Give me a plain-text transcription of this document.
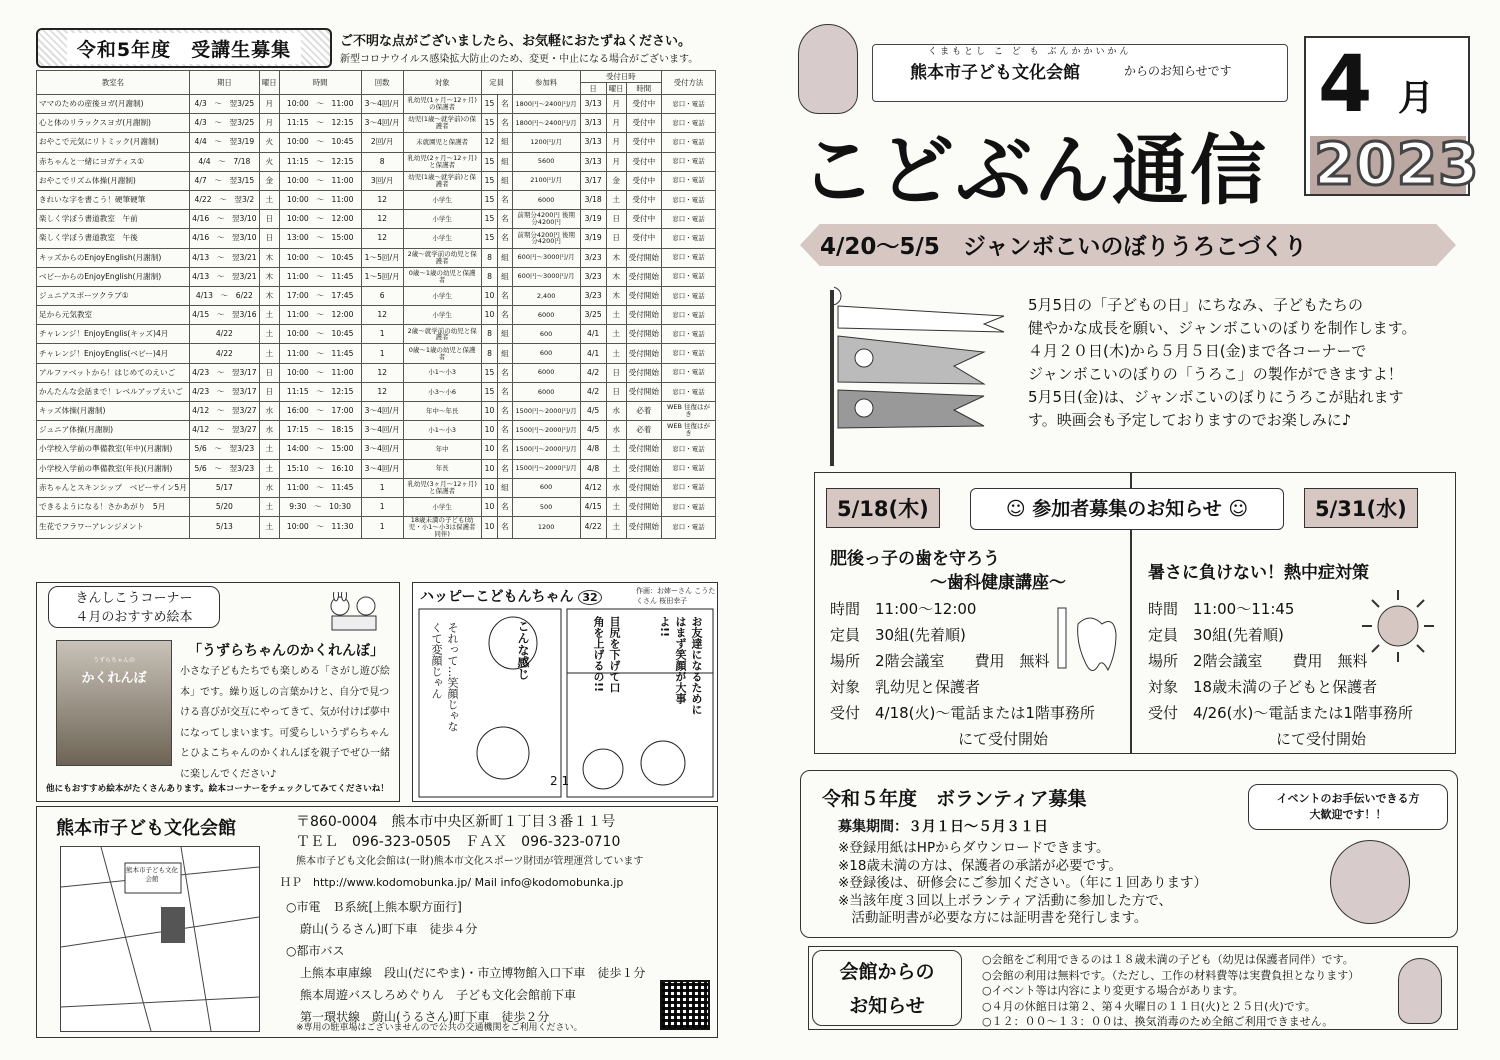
令和5年度　受講生募集	ご不明な点がございましたら、お気軽におたずねください。
新型コロナウイルス感染拡大防止のため、変更・中止になる場合がございます。
教室名	期日	曜日	時間	回数	対象	定員		参加料	受付日時			受付方法
									日	曜日	時間	
ママのための産後ヨガ(月謝制)	4/3　～　翌3/25	月	10:00　～　11:00	3～4回/月	乳幼児(1ヶ月～12ヶ月)の保護者	15	名	1800円～2400円/月	3/13	月	受付中	窓口・電話
心と体のリラックスヨガ(月謝制)	4/3　～　翌3/25	月	11:15　～　12:15	3～4回/月	幼児(1歳～就学前)の保護者	15	名	1800円～2400円/月	3/13	月	受付中	窓口・電話
おやこで元気にリトミック(月謝制)	4/4　～　翌3/19	火	10:00　～　10:45	2回/月	未就園児と保護者	12	組	1200円/月	3/13	月	受付中	窓口・電話
赤ちゃんと一緒にヨガティス①	4/4　～　7/18	火	11:15　～　12:15	8	乳幼児(2ヶ月～12ヶ月)と保護者	15	組	5600	3/13	月	受付中	窓口・電話
おやこでリズム体操(月謝制)	4/7　～　翌3/15	金	10:00　～　11:00	3回/月	幼児(1歳～就学前)と保護者	15	組	2100円/月	3/17	金	受付中	窓口・電話
きれいな字を書こう！硬筆硬筆	4/22　～　翌3/2	土	10:00　～　11:00	12	小学生	15	名	6000	3/18	土	受付中	窓口・電話
楽しく学ぼう書道教室　午前	4/16　～　翌3/10	日	10:00　～　12:00	12	小学生	15	名	前期分4200円 後期分4200円	3/19	日	受付中	窓口・電話
楽しく学ぼう書道教室　午後	4/16　～　翌3/10	日	13:00　～　15:00	12	小学生	15	名	前期分4200円 後期分4200円	3/19	日	受付中	窓口・電話
キッズからのEnjoyEnglish(月謝制)	4/13　～　翌3/21	木	10:00　～　10:45	1～5回/月	2歳～就学前の幼児と保護者	8	組	600円～3000円/月	3/23	木	受付開始	窓口・電話
ベビーからのEnjoyEnglish(月謝制)	4/13　～　翌3/21	木	11:00　～　11:45	1～5回/月	0歳～1歳の幼児と保護者	8	組	600円～3000円/月	3/23	木	受付開始	窓口・電話
ジュニアスポーツクラブ①	4/13　～　6/22	木	17:00　～　17:45	6	小学生	10	名	2,400	3/23	木	受付開始	窓口・電話
足から元気教室	4/15　～　翌3/16	土	11:00　～　12:00	12	小学生	10	名	6000	3/25	土	受付開始	窓口・電話
チャレンジ！EnjoyEnglis(キッズ)4月	4/22	土	10:00　～　10:45	1	2歳～就学前の幼児と保護者	8	組	600	4/1	土	受付開始	窓口・電話
チャレンジ！EnjoyEnglis(ベビー)4月	4/22	土	11:00　～　11:45	1	0歳～1歳の幼児と保護者	8	組	600	4/1	土	受付開始	窓口・電話
アルファベットから！はじめてのえいご	4/23　～　翌3/17	日	10:00　～　11:00	12	小1～小3	15	名	6000	4/2	日	受付開始	窓口・電話
かんたんな会話まで！レベルアップえいご	4/23　～　翌3/17	日	11:15　～　12:15	12	小3～小6	15	名	6000	4/2	日	受付開始	窓口・電話
キッズ体操(月謝制)	4/12　～　翌3/27	水	16:00　～　17:00	3～4回/月	年中～年長	10	名	1500円～2000円/月	4/5	水	必着	WEB 往復はがき
ジュニア体操(月謝制)	4/12　～　翌3/27	水	17:15　～　18:15	3～4回/月	小1～小3	10	名	1500円～2000円/月	4/5	水	必着	WEB 往復はがき
小学校入学前の準備教室(年中)(月謝制)	5/6　～　翌3/23	土	14:00　～　15:00	3～4回/月	年中	10	名	1500円～2000円/月	4/8	土	受付開始	窓口・電話
小学校入学前の準備教室(年長)(月謝制)	5/6　～　翌3/23	土	15:10　～　16:10	3～4回/月	年長	10	名	1500円～2000円/月	4/8	土	受付開始	窓口・電話
赤ちゃんとスキンシップ　ベビーサイン5月	5/17	水	11:00　～　11:45	1	乳幼児(3ヶ月～12ヶ月)と保護者	10	組	600	4/12	水	受付開始	窓口・電話
できるようになる！さかあがり　5月	5/20	土	9:30　～　10:30	1	小学生	10	名	500	4/15	土	受付開始	窓口・電話
生花でフラワーアレンジメント	5/13	土	10:00　～　11:30	1	18歳未満の子ども(幼児・小1～小3は保護者同伴)	10	名	1200	4/22	土	受付開始	窓口・電話
きんしこうコーナー
４月のおすすめ絵本
うずらちゃんの
かくれんぼ
「うずらちゃんのかくれんぼ」
小さな子どもたちでも楽しめる「さがし遊び絵本」です。繰り返しの言葉かけと、自分で見つける喜びが交互にやってきて、気が付けば夢中になってしまいます。可愛らしいうずらちゃんとひよこちゃんのかくれんぼを親子でぜひ一緒に楽しんでください♪
他にもおすすめ絵本がたくさんあります。絵本コーナーをチェックしてみてくださいね！
ハッピーこどもんちゃん 32	作画：お姉ーさん こうたくさん 桜田幸子
こんな感じ	お友達になるためにはまず笑顔が大事よ!!
目尻を下げて口角を上げるの!!
それって…笑顔じゃなくて変顔じゃん
2 1
熊本市子ども文化会館
熊本市子ども文化会館
〒860-0004　熊本市中央区新町１丁目３番１１号
ＴＥＬ　096-323-0505　ＦＡＸ　096-323-0710
熊本市子ども文化会館は(一財)熊本市文化スポーツ財団が管理運営しています
ＨＰ　http://www.kodomobunka.jp/ Mail info@kodomobunka.jp
○市電　Ｂ系統[上熊本駅方面行]
蔚山(うるさん)町下車　徒歩４分
○都市バス
上熊本車庫線　段山(だにやま)・市立博物館入口下車　徒歩１分
熊本周遊バスしろめぐりん　子ども文化会館前下車
第一環状線　蔚山(うるさん)町下車　徒歩２分
※専用の駐車場はございませんので公共の交通機関をご利用ください。
くまもとし こ ど も ぶんかかいかん
熊本市子ども文化会館	からのお知らせです
こどぶん通信
4 月
2023
4/20～5/5　ジャンボこいのぼりうろこづくり
5月5日の「子どもの日」にちなみ、子どもたちの
健やかな成長を願い、ジャンボこいのぼりを制作します。
４月２０日(木)から５月５日(金)まで各コーナーで
ジャンボこいのぼりの「うろこ」の製作ができますよ！
5月5日(金)は、ジャンボこいのぼりにうろこが貼れます
す。映画会も予定しておりますのでお楽しみに♪
5/18(木)	5/31(水)
☺ 参加者募集のお知らせ ☺
肥後っ子の歯を守ろう
～歯科健康講座～
時間　11:00～12:00
定員　30組(先着順)
場所　2階会議室　　費用　無料
対象　乳幼児と保護者
受付　4/18(火)～電話または1階事務所
にて受付開始
暑さに負けない！熱中症対策
時間　11:00～11:45
定員　30組(先着順)
場所　2階会議室　　費用　無料
対象　18歳未満の子どもと保護者
受付　4/26(水)～電話または1階事務所
にて受付開始
令和５年度　ボランティア募集
募集期間：３月１日～５月３１日
※登録用紙はHPからダウンロードできます。
※18歳未満の方は、保護者の承諾が必要です。
※登録後は、研修会にご参加ください。（年に１回あります）
※当該年度３回以上ボランティア活動に参加した方で、
　活動証明書が必要な方には証明書を発行します。
イベントのお手伝いできる方
大歓迎です！！
会館からの
お知らせ
○会館をご利用できるのは１８歳未満の子ども（幼児は保護者同伴）です。
○会館の利用は無料です。（ただし、工作の材料費等は実費負担となります）
○イベント等は内容により変更する場合があります。
○４月の休館日は第２、第４火曜日の１１日(火)と２５日(火)です。
○１２：００～１３：００は、換気消毒のため全館ご利用できません。
